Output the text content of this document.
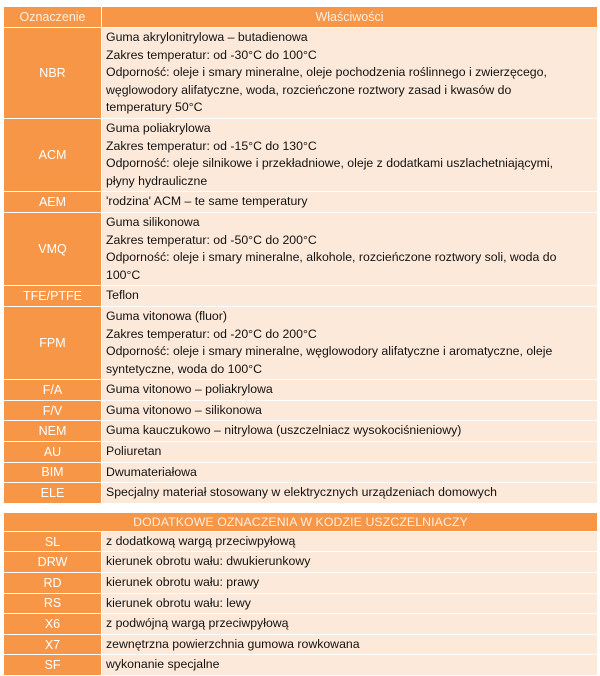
Oznaczenie	Właściwości
NBR	Guma akrylonitrylowa – butadienowa
Zakres temperatur: od -30°C do 100°C
Odporność: oleje i smary mineralne, oleje pochodzenia roślinnego i zwierzęcego,
węglowodory alifatyczne, woda, rozcieńczone roztwory zasad i kwasów do
temperatury 50°C

ACM	Guma poliakrylowa
Zakres temperatur: od -15°C do 130°C
Odporność: oleje silnikowe i przekładniowe, oleje z dodatkami uszlachetniającymi,
płyny hydrauliczne

AEM	'rodzina' ACM – te same temperatury

VMQ	Guma silikonowa
Zakres temperatur: od -50°C do 200°C
Odporność: oleje i smary mineralne, alkohole, rozcieńczone roztwory soli, woda do
100°C

TFE/PTFE	Teflon

FPM	Guma vitonowa (fluor)
Zakres temperatur: od -20°C do 200°C
Odporność: oleje i smary mineralne, węglowodory alifatyczne i aromatyczne, oleje
syntetyczne, woda do 100°C

F/A	Guma vitonowo – poliakrylowa

F/V	Guma vitonowo – silikonowa

NEM	Guma kauczukowo – nitrylowa (uszczelniacz wysokociśnieniowy)

AU	Poliuretan

BIM	Dwumateriałowa

ELE	Specjalny materiał stosowany w elektrycznych urządzeniach domowych

DODATKOWE OZNACZENIA W KODZIE USZCZELNIACZY	
SL	z dodatkową wargą przeciwpyłową

DRW	kierunek obrotu wału: dwukierunkowy

RD	kierunek obrotu wału: prawy

RS	kierunek obrotu wału: lewy

X6	z podwójną wargą przeciwpyłową

X7	zewnętrzna powierzchnia gumowa rowkowana

SF	wykonanie specjalne
